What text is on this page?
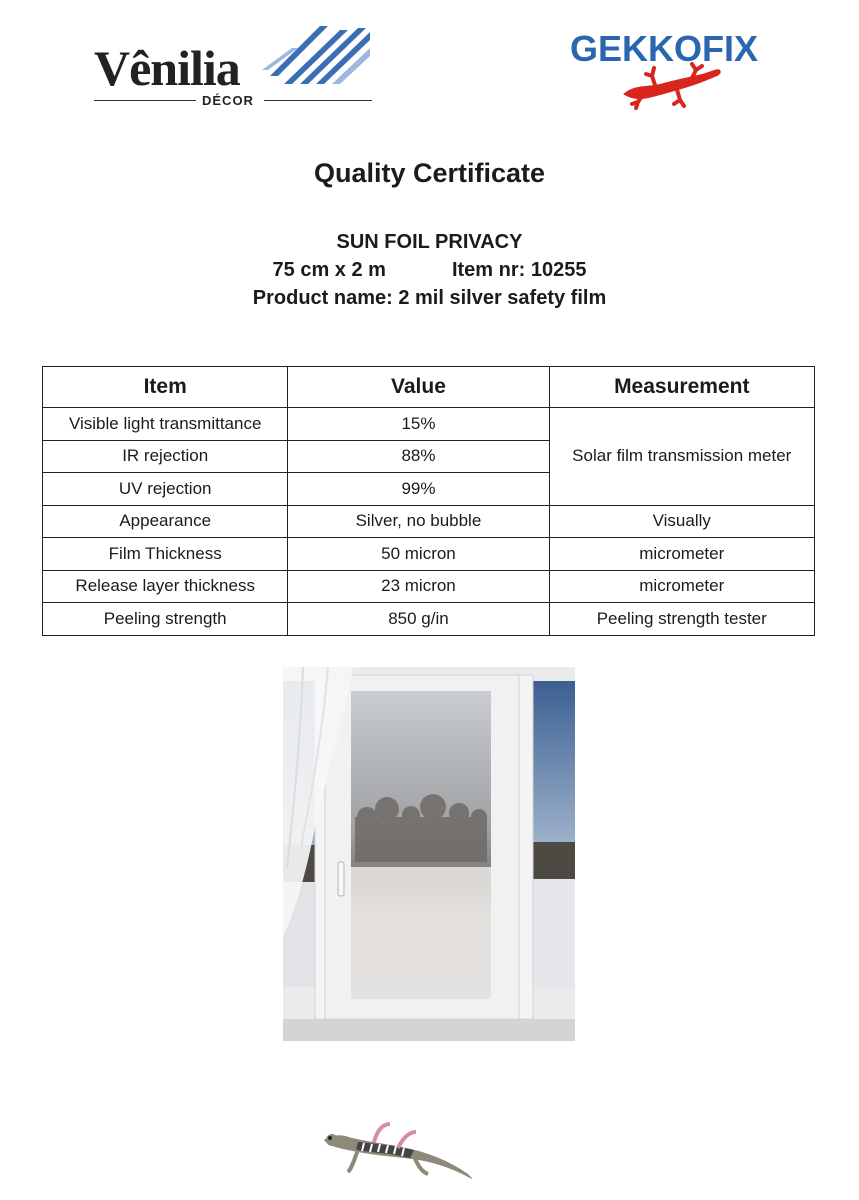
Vênilia
DÉCOR
GEKKOFIX
Quality Certificate
SUN FOIL PRIVACY
75 cm x 2 m	Item nr: 10255
Product name: 2 mil silver safety film
Item	Value	Measurement
Visible light transmittance	15%	Solar film transmission meter
IR rejection	88%	
UV rejection	99%	
Appearance	Silver, no bubble	Visually
Film Thickness	50 micron	micrometer
Release layer thickness	23 micron	micrometer
Peeling strength	850 g/in	Peeling strength tester
